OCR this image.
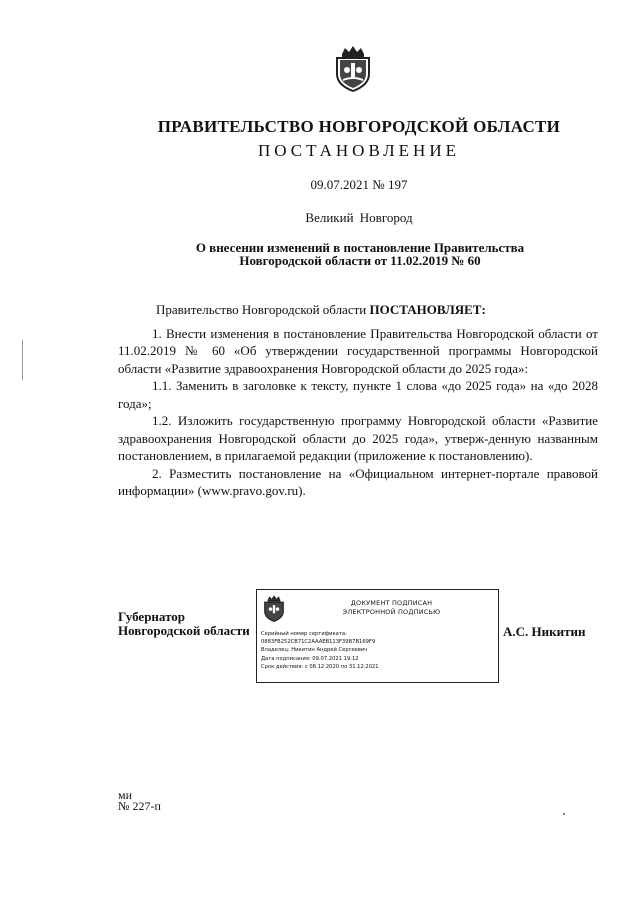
ПРАВИТЕЛЬСТВО НОВГОРОДСКОЙ ОБЛАСТИ
ПОСТАНОВЛЕНИЕ
09.07.2021 № 197
Великий Новгород
О внесении изменений в постановление Правительства
Новгородской области от 11.02.2019 № 60

Правительство Новгородской области ПОСТАНОВЛЯЕТ:

1. Внести изменения в постановление Правительства Новгородской области от 11.02.2019 № 60 «Об утверждении государственной программы Новгородской области «Развитие здравоохранения Новгородской области до 2025 года»:

1.1. Заменить в заголовке к тексту, пункте 1 слова «до 2025 года» на «до 2028 года»;

1.2. Изложить государственную программу Новгородской области «Развитие здравоохранения Новгородской области до 2025 года», утверж-денную названным постановлением, в прилагаемой редакции (приложение к постановлению).

2. Разместить постановление на «Официальном интернет-портале правовой информации» (www.pravo.gov.ru).

Губернатор
Новгородской области
ДОКУМЕНТ ПОДПИСАН
ЭЛЕКТРОННОЙ ПОДПИСЬЮ
Серийный номер сертификата:
0883FB252CB71C2AAAEB113F39B7B169F9
Владелец: Никитин Андрей Сергеевич
Дата подписания: 09.07.2021 19:12
Срок действия: с 08.12.2020 по 31.12.2021
А.С. Никитин
ми
№ 227-п
